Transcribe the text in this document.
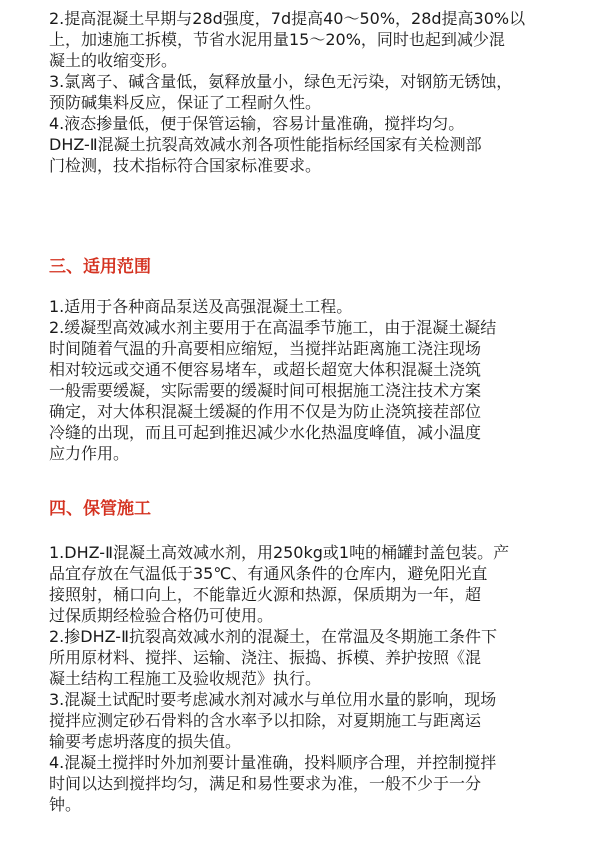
2.提高混凝土早期与28d强度，7d提高40～50%，28d提高30%以
上，加速施工拆模，节省水泥用量15～20%，同时也起到减少混
凝土的收缩变形。
3.氯离子、碱含量低，氨释放量小，绿色无污染，对钢筋无锈蚀，
预防碱集料反应，保证了工程耐久性。
4.液态掺量低，便于保管运输，容易计量准确，搅拌均匀。
DHZ-Ⅱ混凝土抗裂高效减水剂各项性能指标经国家有关检测部
门检测，技术指标符合国家标准要求。
三、适用范围
1.适用于各种商品泵送及高强混凝土工程。
2.缓凝型高效减水剂主要用于在高温季节施工，由于混凝土凝结
时间随着气温的升高要相应缩短，当搅拌站距离施工浇注现场
相对较远或交通不便容易堵车，或超长超宽大体积混凝土浇筑
一般需要缓凝，实际需要的缓凝时间可根据施工浇注技术方案
确定，对大体积混凝土缓凝的作用不仅是为防止浇筑接茬部位
冷缝的出现，而且可起到推迟减少水化热温度峰值，减小温度
应力作用。
四、保管施工
1.DHZ-Ⅱ混凝土高效减水剂，用250kg或1吨的桶罐封盖包装。产
品宜存放在气温低于35℃、有通风条件的仓库内，避免阳光直
接照射，桶口向上，不能靠近火源和热源，保质期为一年，超
过保质期经检验合格仍可使用。
2.掺DHZ-Ⅱ抗裂高效减水剂的混凝土，在常温及冬期施工条件下
所用原材料、搅拌、运输、浇注、振捣、拆模、养护按照《混
凝土结构工程施工及验收规范》执行。
3.混凝土试配时要考虑减水剂对减水与单位用水量的影响，现场
搅拌应测定砂石骨料的含水率予以扣除，对夏期施工与距离运
输要考虑坍落度的损失值。
4.混凝土搅拌时外加剂要计量准确，投料顺序合理，并控制搅拌
时间以达到搅拌均匀，满足和易性要求为准，一般不少于一分
钟。
